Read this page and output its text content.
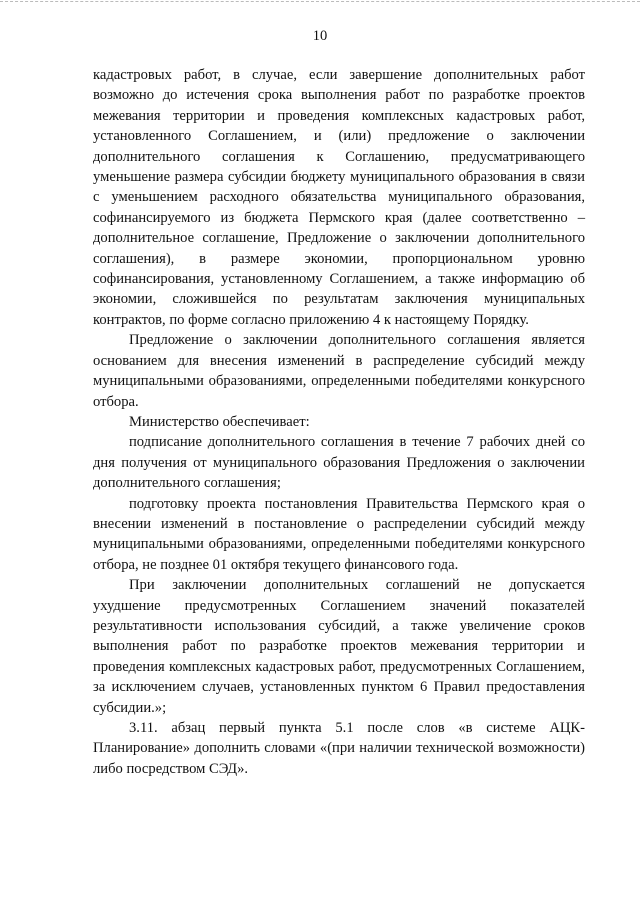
10

кадастровых работ, в случае, если завершение дополнительных работ возможно до истечения срока выполнения работ по разработке проектов межевания территории и проведения комплексных кадастровых работ, установленного Соглашением, и (или) предложение о заключении дополнительного соглашения к Соглашению, предусматривающего уменьшение размера субсидии бюджету муниципального образования в связи с уменьшением расходного обязательства муниципального образования, софинансируемого из бюджета Пермского края (далее соответственно – дополнительное соглашение, Предложение о заключении дополнительного соглашения), в размере экономии, пропорциональном уровню софинансирования, установленному Соглашением, а также информацию об экономии, сложившейся по результатам заключения муниципальных контрактов, по форме согласно приложению 4 к настоящему Порядку.

Предложение о заключении дополнительного соглашения является основанием для внесения изменений в распределение субсидий между муниципальными образованиями, определенными победителями конкурсного отбора.

Министерство обеспечивает:

подписание дополнительного соглашения в течение 7 рабочих дней со дня получения от муниципального образования Предложения о заключении дополнительного соглашения;

подготовку проекта постановления Правительства Пермского края о внесении изменений в постановление о распределении субсидий между муниципальными образованиями, определенными победителями конкурсного отбора, не позднее 01 октября текущего финансового года.

При заключении дополнительных соглашений не допускается ухудшение предусмотренных Соглашением значений показателей результативности использования субсидий, а также увеличение сроков выполнения работ по разработке проектов межевания территории и проведения комплексных кадастровых работ, предусмотренных Соглашением, за исключением случаев, установленных пунктом 6 Правил предоставления субсидии.»;

3.11. абзац первый пункта 5.1 после слов «в системе АЦК-Планирование» дополнить словами «(при наличии технической возможности) либо посредством СЭД».
